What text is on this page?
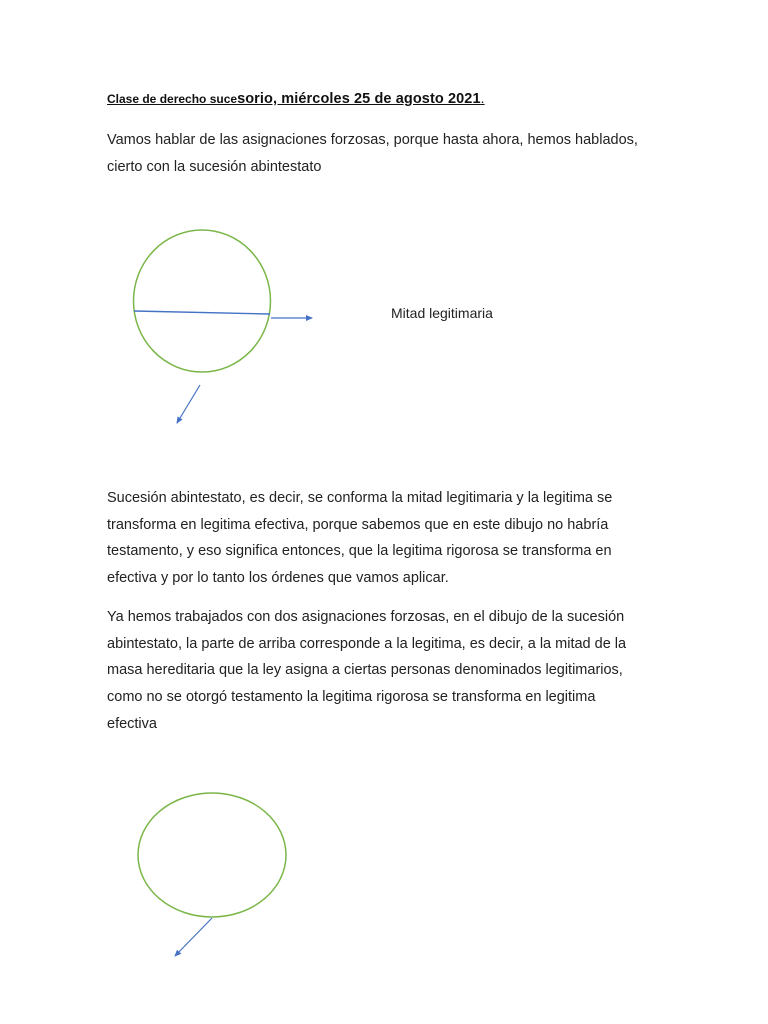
Clase de derecho sucesorio, miércoles 25 de agosto 2021.

Vamos hablar de las asignaciones forzosas, porque hasta ahora, hemos hablados,
cierto con la sucesión abintestato

Mitad legitimaria

Sucesión abintestato, es decir, se conforma la mitad legitimaria y la legitima se
transforma en legitima efectiva, porque sabemos que en este dibujo no habría
testamento, y eso significa entonces, que la legitima rigorosa se transforma en
efectiva y por lo tanto los órdenes que vamos aplicar.

Ya hemos trabajados con dos asignaciones forzosas, en el dibujo de la sucesión
abintestato, la parte de arriba corresponde a la legitima, es decir, a la mitad de la
masa hereditaria que la ley asigna a ciertas personas denominados legitimarios,
como no se otorgó testamento la legitima rigorosa se transforma en legitima
efectiva
